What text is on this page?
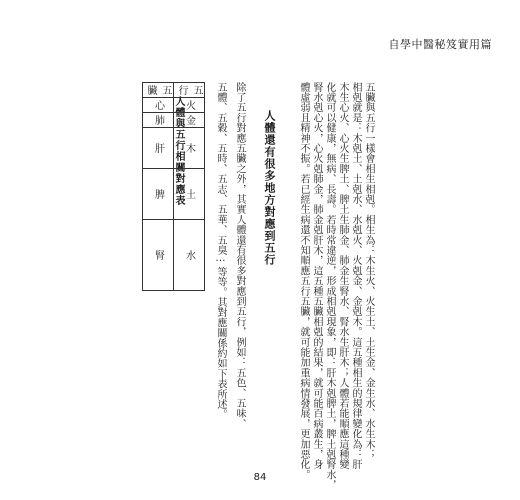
自學中醫秘笈實用篇
五臟與五行一樣會相生相剋。相生為：木生火、火生土、土生金、金生水、水生木；
相剋就是：木剋土、土剋水、水剋火、火剋金、金剋木。這五種相生的規律變化為：肝
木生心火、心火生脾土、脾土生肺金、肺金生腎水、腎水生肝木；人體若能順應這種變
化就可以健康，無病、長壽。若時常違逆，形成相剋現象，即：肝木剋脾土，脾土剋腎水，
腎水剋心火，心火剋肺金，肺金剋肝木，這五種五臟相剋的結果，就可能百病叢生，身
體虛弱且精神不振。若已經生病還不知順應五行五臟，就可能加重病情發展，更加惡化。
人體還有很多地方對應到五行
除了五行對應五臟之外，其實人體還有很多對應到五行，例如：五色、五味、
五體、五穀、五時、五志、五華、五臭⋯等等。其對應關係約如下表所述。
人體與五行相關對應表
五臟	五行
心	火
肺	金
肝	木
脾	土
腎	水
84
